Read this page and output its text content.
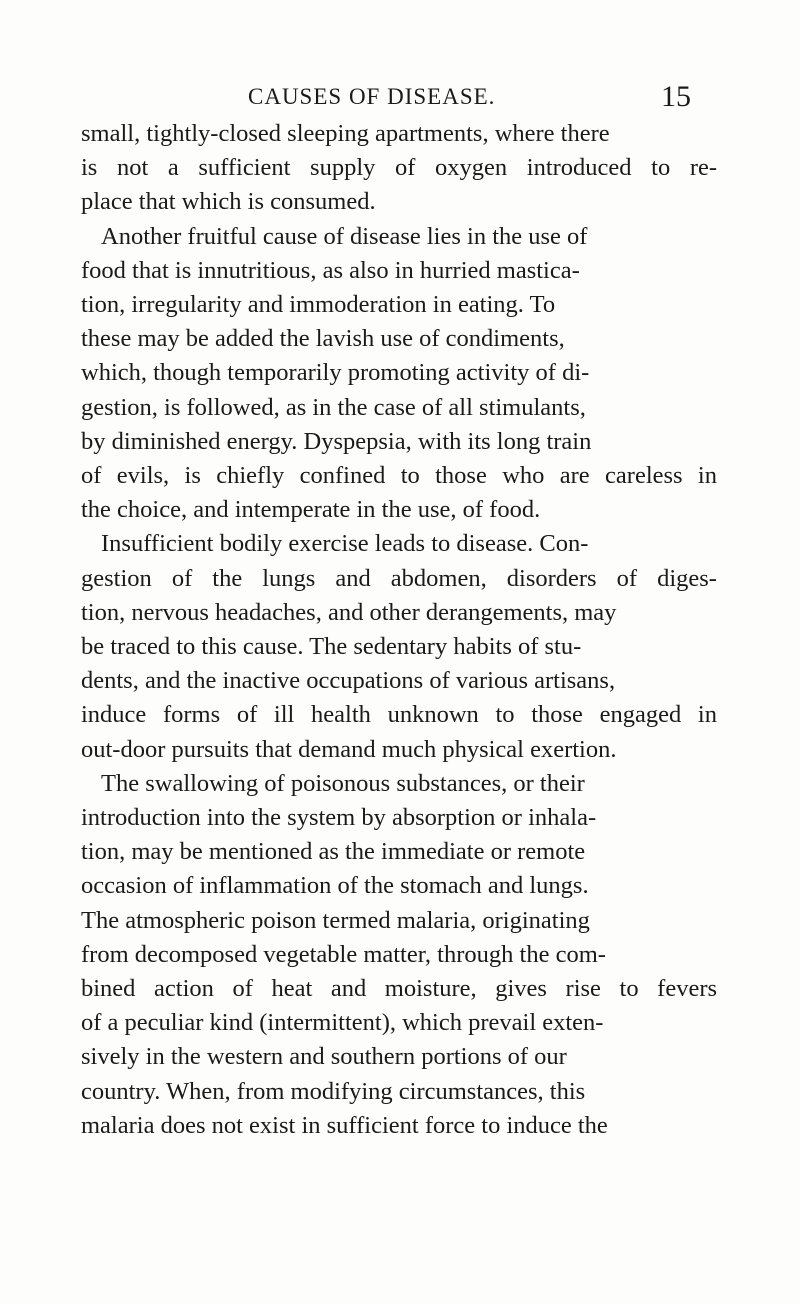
CAUSES OF DISEASE.	15
small, tightly-closed sleeping apartments, where there
is not a sufficient supply of oxygen introduced to re-
place that which is consumed.
Another fruitful cause of disease lies in the use of
food that is innutritious, as also in hurried mastica-
tion, irregularity and immoderation in eating. To
these may be added the lavish use of condiments,
which, though temporarily promoting activity of di-
gestion, is followed, as in the case of all stimulants,
by diminished energy. Dyspepsia, with its long train
of evils, is chiefly confined to those who are careless in
the choice, and intemperate in the use, of food.
Insufficient bodily exercise leads to disease. Con-
gestion of the lungs and abdomen, disorders of diges-
tion, nervous headaches, and other derangements, may
be traced to this cause. The sedentary habits of stu-
dents, and the inactive occupations of various artisans,
induce forms of ill health unknown to those engaged in
out-door pursuits that demand much physical exertion.
The swallowing of poisonous substances, or their
introduction into the system by absorption or inhala-
tion, may be mentioned as the immediate or remote
occasion of inflammation of the stomach and lungs.
The atmospheric poison termed malaria, originating
from decomposed vegetable matter, through the com-
bined action of heat and moisture, gives rise to fevers
of a peculiar kind (intermittent), which prevail exten-
sively in the western and southern portions of our
country. When, from modifying circumstances, this
malaria does not exist in sufficient force to induce the
